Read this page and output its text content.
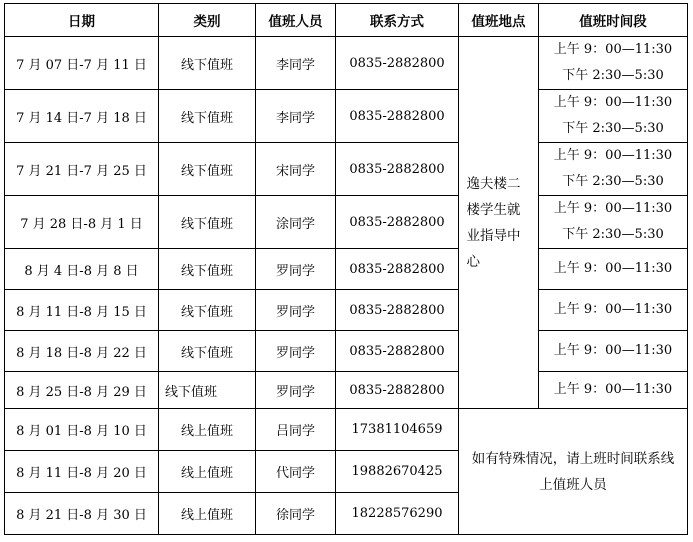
日期	类别	值班人员	联系方式	值班地点	值班时间段
7 月 07 日-7 月 11 日	线下值班	李同学	0835-2882800	逸夫楼二楼学生就业指导中心	上午 9：00—11:30
下午 2:30—5:30

7 月 14 日-7 月 18 日	线下值班	李同学	0835-2882800		上午 9：00—11:30
下午 2:30—5:30

7 月 21 日-7 月 25 日	线下值班	宋同学	0835-2882800		上午 9：00—11:30
下午 2:30—5:30

7 月 28 日-8 月 1 日	线下值班	涂同学	0835-2882800		上午 9：00—11:30
下午 2:30—5:30

8 月 4 日-8 月 8 日	线下值班	罗同学	0835-2882800		上午 9：00—11:30

8 月 11 日-8 月 15 日	线下值班	罗同学	0835-2882800		上午 9：00—11:30

8 月 18 日-8 月 22 日	线下值班	罗同学	0835-2882800		上午 9：00—11:30

8 月 25 日-8 月 29 日	线下值班	罗同学	0835-2882800		上午 9：00—11:30

8 月 01 日-8 月 10 日	线上值班	吕同学	17381104659	如有特殊情况，请上班时间联系线上值班人员	
8 月 11 日-8 月 20 日	线上值班	代同学	19882670425		
8 月 21 日-8 月 30 日	线上值班	徐同学	18228576290		
